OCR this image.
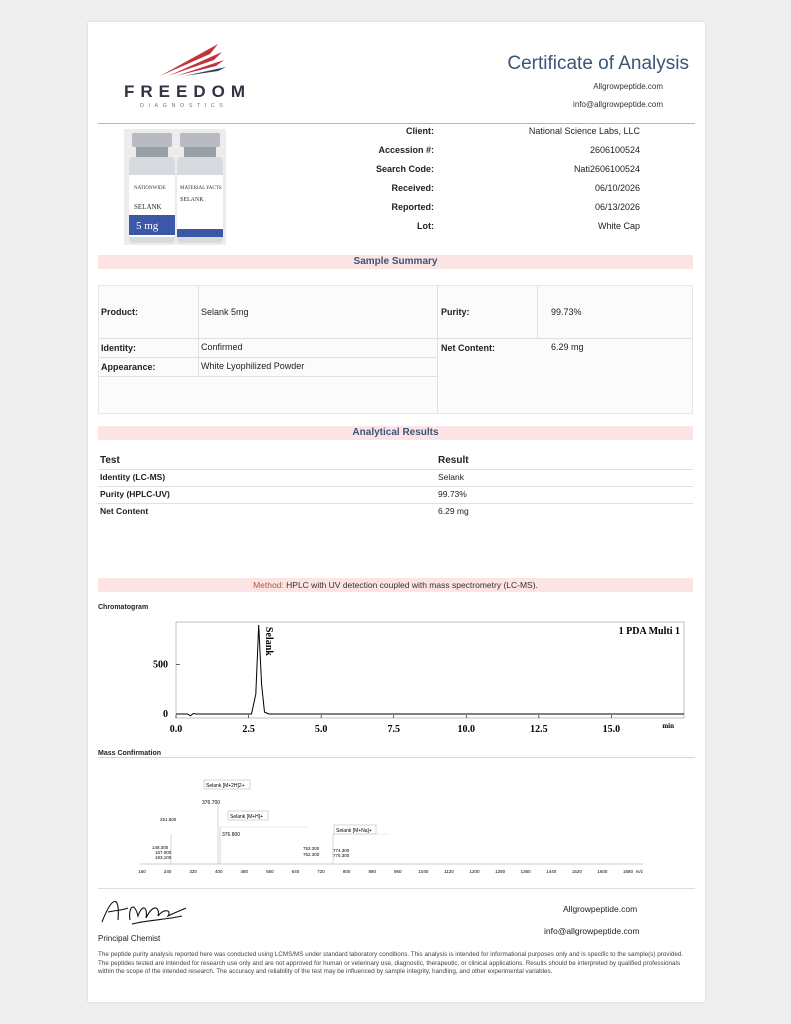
FREEDOM
DIAGNOSTICS
Certificate of Analysis
Allgrowpeptide.com
info@allgrowpeptide.com
NATIONWIDE
SELANK
5 mg
MATERIAL FACTS
SELANK
Client:	National Science Labs, LLC
Accession #:	2606100524
Search Code:	Nati2606100524
Received:	06/10/2026
Reported:	06/13/2026
Lot:	White Cap
Sample Summary
Product:	Selank 5mg	Purity:	99.73%
Identity:	Confirmed	Net Content:	6.29 mg
Appearance:	White Lyophilized Powder
Analytical Results
Test	Result
Identity (LC-MS)	Selank
Purity (HPLC-UV)	99.73%
Net Content	6.29 mg
Method: HPLC with UV detection coupled with mass spectrometry (LC-MS).
Chromatogram
0.0	2.5	5.0	7.5	10.0	12.5	15.0
500
0
Selank	1 PDA Multi 1
min
Mass Confirmation
Selank [M+2H]2+
376.700
Selank [M+H]+
376.800
Selank [M+Na]+
251.600
148.300
167.000
183.100
753.300
752.300
774.300
775.300
160	240	320	400	480	560	640	720	800	880	960	1040	1120	1200	1280	1360	1440	1520	1600	1680 m/z
Principal Chemist
Allgrowpeptide.com
info@allgrowpeptide.com
The peptide purity analysis reported here was conducted using LCMS/MS under standard laboratory conditions. This analysis is intended for informational purposes only and is specific to the sample(s) provided. The peptides tested are intended for research use only and are not approved for human or veterinary use, diagnostic, therapeutic, or clinical applications. Results should be interpreted by qualified professionals within the scope of the intended research. The accuracy and reliability of the test may be influenced by sample integrity, handling, and other experimental variables.
